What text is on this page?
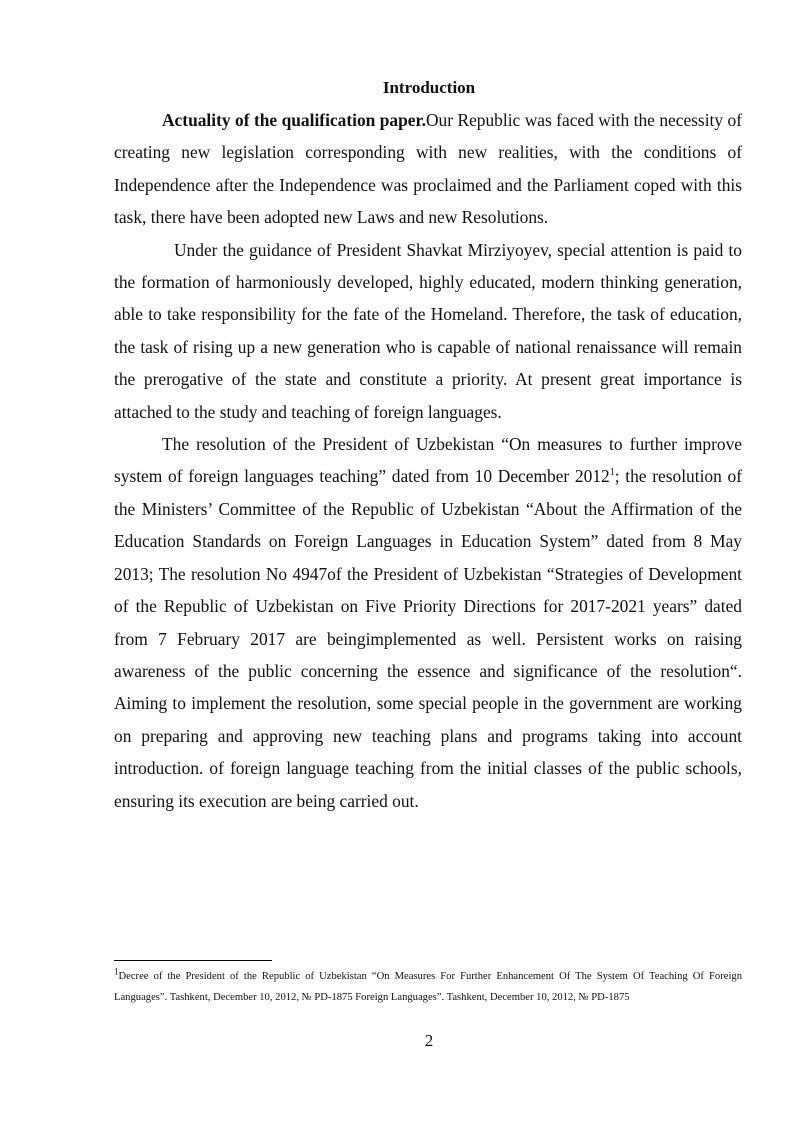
Introduction

Actuality of the qualification paper.Our Republic was faced with the necessity of creating new legislation corresponding with new realities, with the conditions of Independence after the Independence was proclaimed and the Parliament coped with this task, there have been adopted new Laws and new Resolutions.

Under the guidance of President Shavkat Mirziyoyev, special attention is paid to the formation of harmoniously developed, highly educated, modern thinking generation, able to take responsibility for the fate of the Homeland. Therefore, the task of education, the task of rising up a new generation who is capable of national renaissance will remain the prerogative of the state and constitute a priority. At present great importance is attached to the study and teaching of foreign languages.

The resolution of the President of Uzbekistan “On measures to further improve system of foreign languages teaching” dated from 10 December 2012$^1$; the resolution of the Ministers’ Committee of the Republic of Uzbekistan “About the Affirmation of the Education Standards on Foreign Languages in Education System” dated from 8 May 2013; The resolution No 4947of the President of Uzbekistan “Strategies of Development of the Republic of Uzbekistan on Five Priority Directions for 2017-2021 years” dated from 7 February 2017 are beingimplemented as well. Persistent works on raising awareness of the public concerning the essence and significance of the resolution“. Aiming to implement the resolution, some special people in the government are working on preparing and approving new teaching plans and programs taking into account introduction. of foreign language teaching from the initial classes of the public schools, ensuring its execution are being carried out.

$^1$Decree of the President of the Republic of Uzbekistan “On Measures For Further Enhancement Of The System Of Teaching Of Foreign Languages”. Tashkent, December 10, 2012, № PD-1875 Foreign Languages”. Tashkent, December 10, 2012, № PD-1875
2
